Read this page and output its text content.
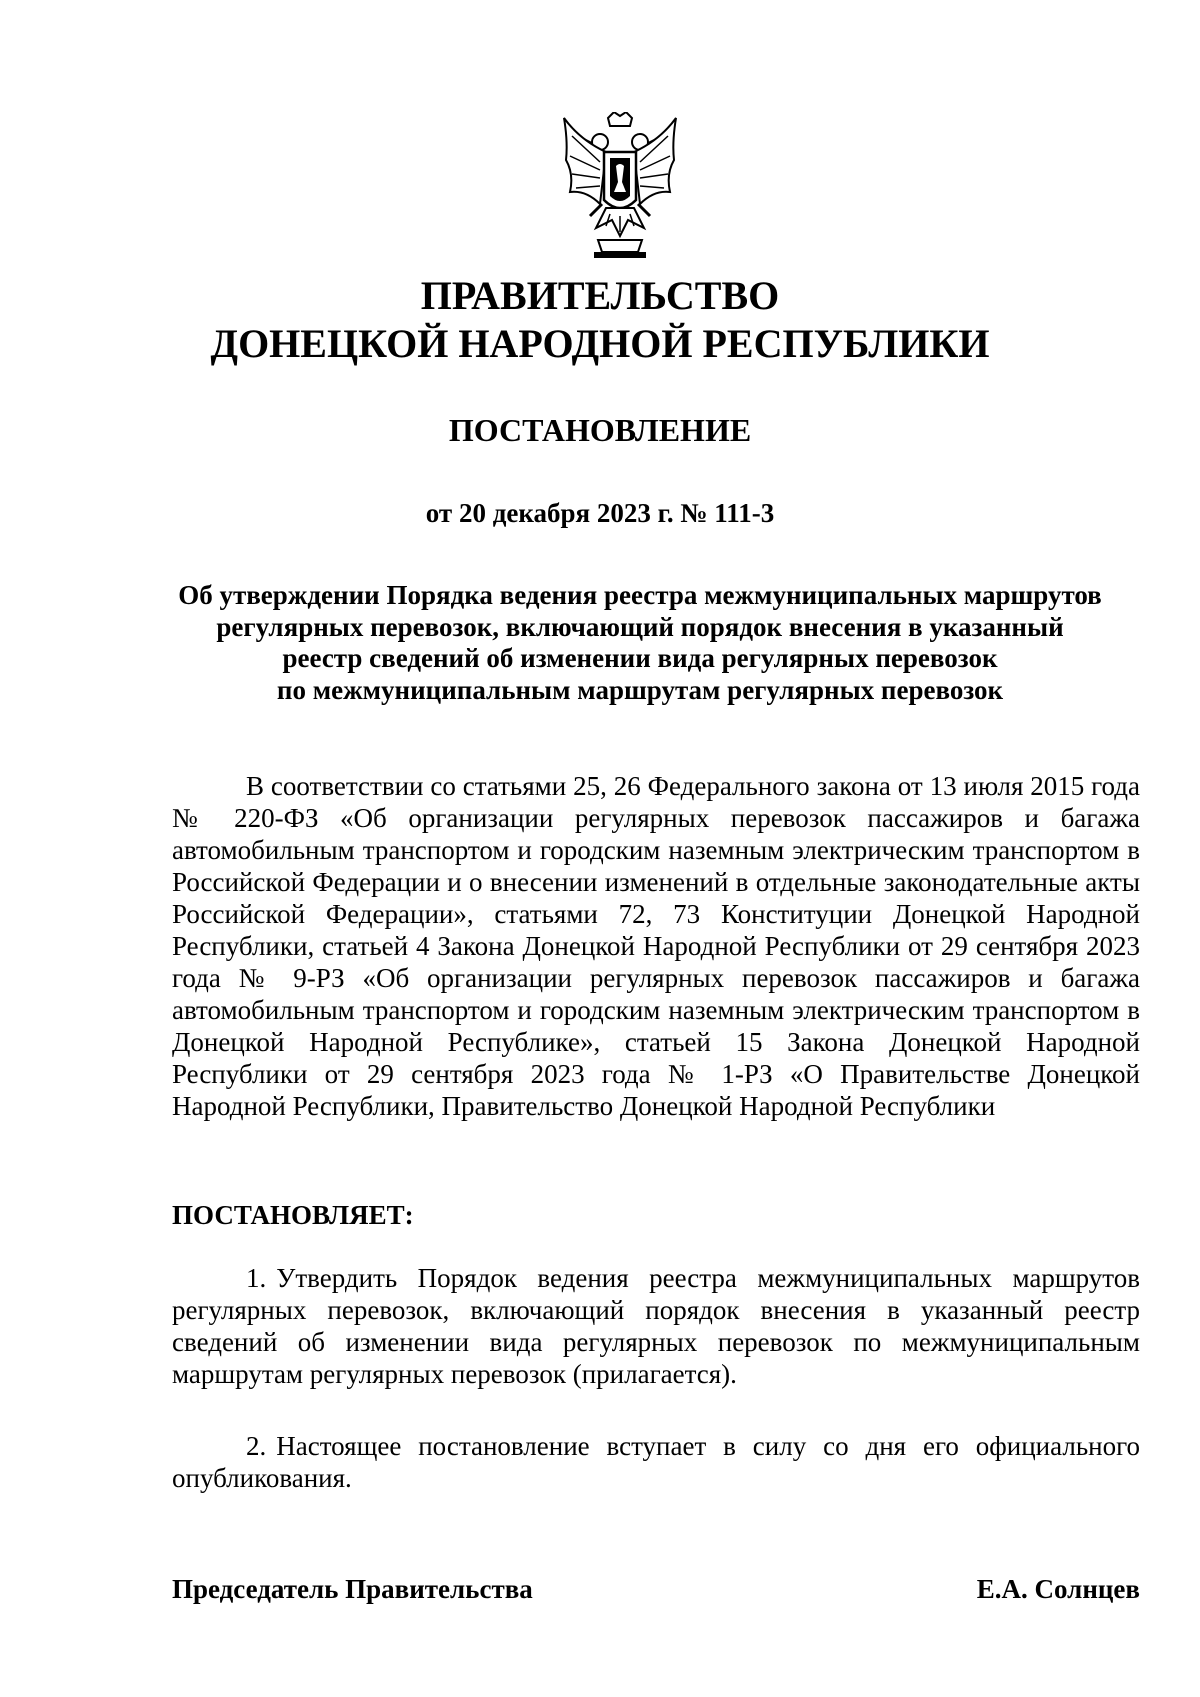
ПРАВИТЕЛЬСТВО
ДОНЕЦКОЙ НАРОДНОЙ РЕСПУБЛИКИ
ПОСТАНОВЛЕНИЕ
от 20 декабря 2023 г. № 111-3
Об утверждении Порядка ведения реестра межмуниципальных маршрутов
регулярных перевозок, включающий порядок внесения в указанный
реестр сведений об изменении вида регулярных перевозок
по межмуниципальным маршрутам регулярных перевозок
В соответствии со статьями 25, 26 Федерального закона от 13 июля 2015 года № 220-ФЗ «Об организации регулярных перевозок пассажиров и багажа автомобильным транспортом и городским наземным электрическим транспортом в Российской Федерации и о внесении изменений в отдельные законодательные акты Российской Федерации», статьями 72, 73 Конституции Донецкой Народной Республики, статьей 4 Закона Донецкой Народной Республики от 29 сентября 2023 года № 9-РЗ «Об организации регулярных перевозок пассажиров и багажа автомобильным транспортом и городским наземным электрическим транспортом в Донецкой Народной Республике», статьей 15 Закона Донецкой Народной Республики от 29 сентября 2023 года № 1-РЗ «О Правительстве Донецкой Народной Республики, Правительство Донецкой Народной Республики
ПОСТАНОВЛЯЕТ:
1. Утвердить Порядок ведения реестра межмуниципальных маршрутов регулярных перевозок, включающий порядок внесения в указанный реестр сведений об изменении вида регулярных перевозок по межмуниципальным маршрутам регулярных перевозок (прилагается).
2. Настоящее постановление вступает в силу со дня его официального опубликования.
Председатель Правительства	Е.А. Солнцев
